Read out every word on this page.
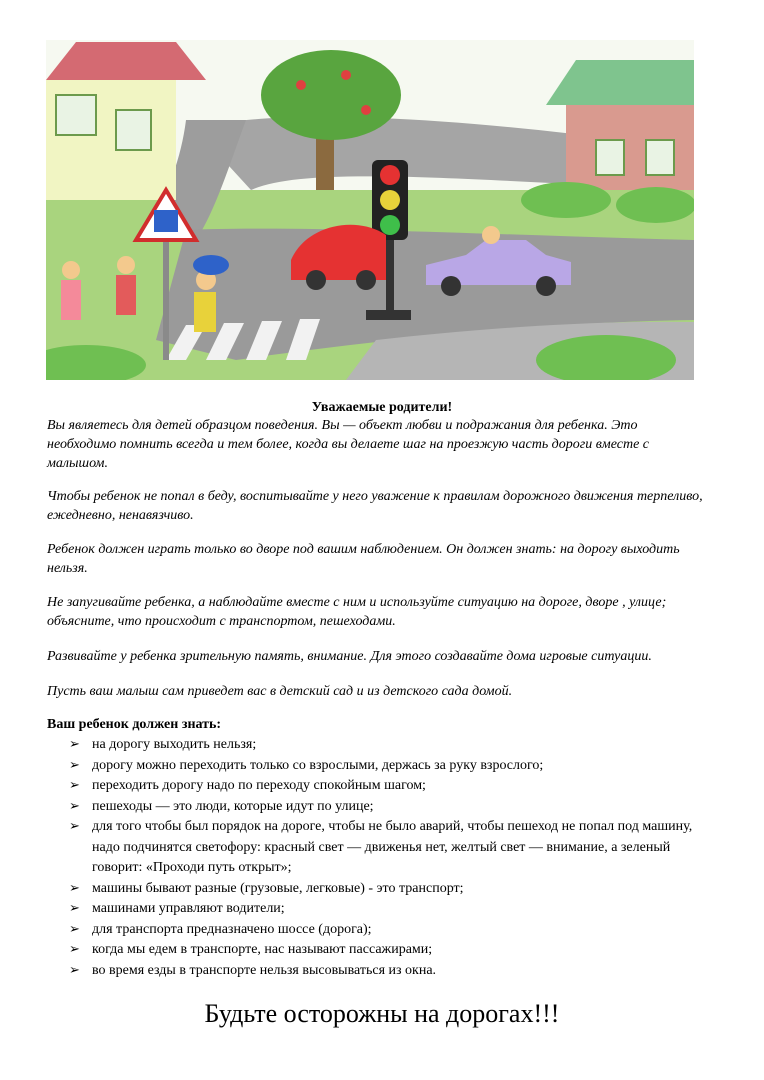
Уважаемые родители!
Вы являетесь для детей образцом поведения. Вы — объект любви и подражания для ребенка. Это необходимо помнить всегда и тем более, когда вы делаете шаг на проезжую часть дороги вместе с малышом.
Чтобы ребенок не попал в беду, воспитывайте у него уважение к правилам дорожного движения терпеливо, ежедневно, ненавязчиво.
Ребенок должен играть только во дворе под вашим наблюдением. Он должен знать: на дорогу выходить нельзя.
Не запугивайте ребенка, а наблюдайте вместе с ним и используйте ситуацию на дороге, дворе , улице; объясните, что происходит с транспортом, пешеходами.
Развивайте у ребенка зрительную память, внимание. Для этого создавайте дома игровые ситуации.
Пусть ваш малыш сам приведет вас в детский сад и из детского сада домой.
Ваш ребенок должен знать:
➢ на дорогу выходить нельзя;
➢ дорогу можно переходить только со взрослыми, держась за руку взрослого;
➢ переходить дорогу надо по переходу спокойным шагом;
➢ пешеходы — это люди, которые идут по улице;
➢ для того чтобы был порядок на дороге, чтобы не было аварий, чтобы пешеход не попал под машину, надо подчинятся светофору: красный свет — движенья нет, желтый свет — внимание, а зеленый говорит: «Проходи путь открыт»;
➢ машины бывают разные (грузовые, легковые) - это транспорт;
➢ машинами управляют водители;
➢ для транспорта предназначено шоссе (дорога);
➢ когда мы едем в транспорте, нас называют пассажирами;
➢ во время езды в транспорте нельзя высовываться из окна.
Будьте осторожны на дорогах!!!
